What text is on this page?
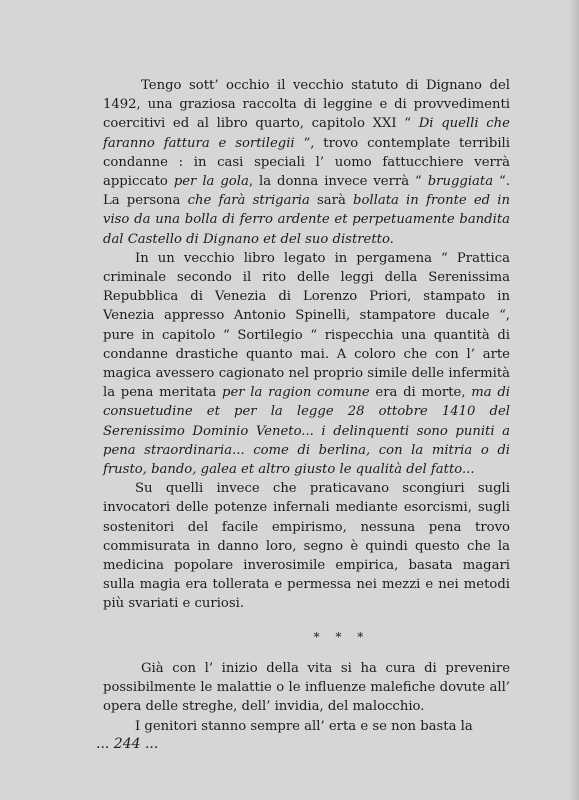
Tengo sott’ occhio il vecchio statuto di Dignano del 1492, una graziosa raccolta di leggine e di provvedimenti coercitivi ed al libro quarto, capitolo XXI “ Di quelli che faranno fattura e sortilegii “, trovo contemplate terribili condanne : in casi speciali l’ uomo fattucchiere verrà appiccato per la gola, la donna invece verrà “ bruggiata “. La persona che farà strigaria sarà bollata in fronte ed in viso da una bolla di ferro ardente et perpetuamente bandita dal Castello di Dignano et del suo distretto.

In un vecchio libro legato in pergamena “ Prattica criminale secondo il rito delle leggi della Serenissima Repubblica di Venezia di Lorenzo Priori, stampato in Venezia appresso Antonio Spinelli, stampatore ducale “, pure in capitolo “ Sortilegio “ rispecchia una quantità di condanne drastiche quanto mai. A coloro che con l’ arte magica avessero cagionato nel proprio simile delle infermità la pena meritata per la ragion comune era di morte, ma di consuetudine et per la legge 28 ottobre 1410 del Serenissimo Dominio Veneto... i delinquenti sono puniti a pena straordinaria... come di berlina, con la mitria o di frusto, bando, galea et altro giusto le qualità del fatto...

Su quelli invece che praticavano scongiuri sugli invocatori delle potenze infernali mediante esorcismi, sugli sostenitori del facile empirismo, nessuna pena trovo commisurata in danno loro, segno è quindi questo che la medicina popolare inverosimile empirica, basata magari sulla magia era tollerata e permessa nei mezzi e nei metodi più svariati e curiosi.

* * *

Già con l’ inizio della vita si ha cura di prevenire possibilmente le malattie o le influenze malefiche dovute all’ opera delle streghe, dell’ invidia, del malocchio.

I genitori stanno sempre all’ erta e se non basta la

... 244 ...
